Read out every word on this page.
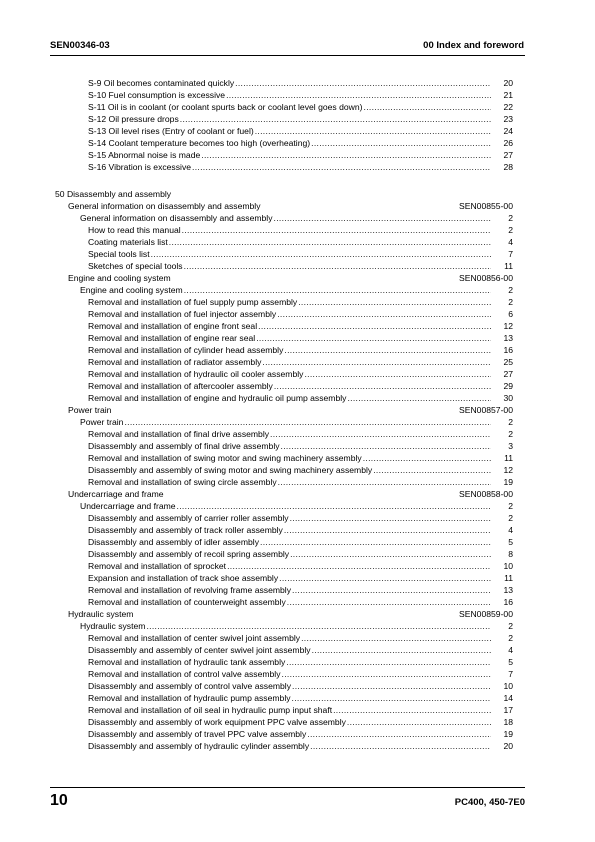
SEN00346-03	00 Index and foreword
S-9 Oil becomes contaminated quickly .....	20
S-10 Fuel consumption is excessive .....	21
S-11 Oil is in coolant (or coolant spurts back or coolant level goes down) .....	22
S-12 Oil pressure drops .....	23
S-13 Oil level rises (Entry of coolant or fuel) .....	24
S-14 Coolant temperature becomes too high (overheating) .....	26
S-15 Abnormal noise is made .....	27
S-16 Vibration is excessive .....	28
50 Disassembly and assembly
General information on disassembly and assembly	SEN00855-00
General information on disassembly and assembly .....	2
How to read this manual .....	2
Coating materials list .....	4
Special tools list .....	7
Sketches of special tools .....	11
Engine and cooling system	SEN00856-00
Engine and cooling system .....	2
Removal and installation of fuel supply pump assembly .....	2
Removal and installation of fuel injector assembly .....	6
Removal and installation of engine front seal .....	12
Removal and installation of engine rear seal .....	13
Removal and installation of cylinder head assembly .....	16
Removal and installation of radiator assembly .....	25
Removal and installation of hydraulic oil cooler assembly .....	27
Removal and installation of aftercooler assembly .....	29
Removal and installation of engine and hydraulic oil pump assembly .....	30
Power train	SEN00857-00
Power train .....	2
Removal and installation of final drive assembly .....	2
Disassembly and assembly of final drive assembly .....	3
Removal and installation of swing motor and swing machinery assembly .....	11
Disassembly and assembly of swing motor and swing machinery assembly .....	12
Removal and installation of swing circle assembly .....	19
Undercarriage and frame	SEN00858-00
Undercarriage and frame .....	2
Disassembly and assembly of carrier roller assembly .....	2
Disassembly and assembly of track roller assembly .....	4
Disassembly and assembly of idler assembly .....	5
Disassembly and assembly of recoil spring assembly .....	8
Removal and installation of sprocket .....	10
Expansion and installation of track shoe assembly .....	11
Removal and installation of revolving frame assembly .....	13
Removal and installation of counterweight assembly .....	16
Hydraulic system	SEN00859-00
Hydraulic system .....	2
Removal and installation of center swivel joint assembly .....	2
Disassembly and assembly of center swivel joint assembly .....	4
Removal and installation of hydraulic tank assembly .....	5
Removal and installation of control valve assembly .....	7
Disassembly and assembly of control valve assembly .....	10
Removal and installation of hydraulic pump assembly .....	14
Removal and installation of oil seal in hydraulic pump input shaft .....	17
Disassembly and assembly of work equipment PPC valve assembly .....	18
Disassembly and assembly of travel PPC valve assembly .....	19
Disassembly and assembly of hydraulic cylinder assembly .....	20
10	PC400, 450-7E0
